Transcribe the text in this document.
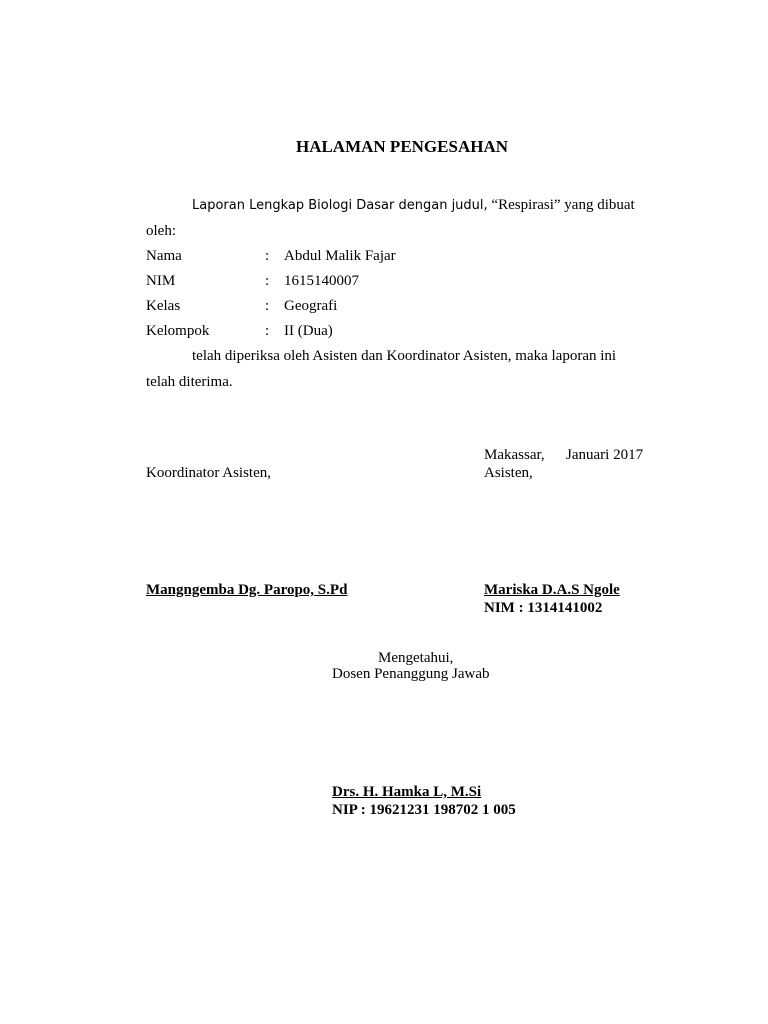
HALAMAN PENGESAHAN
Laporan Lengkap Biologi Dasar dengan judul, “Respirasi” yang dibuat
oleh:
Nama	: Abdul Malik Fajar
NIM	: 1615140007
Kelas	: Geografi
Kelompok	: II (Dua)
telah diperiksa oleh Asisten dan Koordinator Asisten, maka laporan ini
telah diterima.
Makassar, Januari 2017
Koordinator Asisten,	Asisten,
Mangngemba Dg. Paropo, S.Pd	Mariska D.A.S Ngole
NIM : 1314141002
Mengetahui,
Dosen Penanggung Jawab
Drs. H. Hamka L, M.Si
NIP : 19621231 198702 1 005
